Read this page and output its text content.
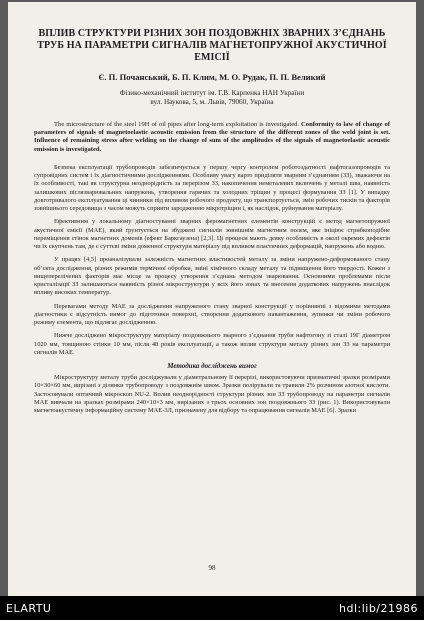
ВПЛИВ СТРУКТУРИ РІЗНИХ ЗОН ПОЗДОВЖНІХ ЗВАРНИХ З’ЄДНАНЬ ТРУБ НА ПАРАМЕТРИ СИГНАЛІВ МАГНЕТОПРУЖНОЇ АКУСТИЧНОЇ ЕМІСІЇ
Є. П. Почанський, Б. П. Клим, М. О. Рудак, П. П. Великий
Фізико-механічний інститут ім. Г.В. Карпенка НАН України
вул. Наукова, 5, м. Львів, 79060, Україна
The microstructure of the steel 19H of oil pipes after long-term exploitation is investigated. Conformity to law of change of parameters of signals of magnetoelastic acoustic emission from the structure of the different zones of the weld joint is set. Influence of remaining stress after welding on the change of sum of the amplitudes of the signals of magnetoelastic acoustic emission is investigated.

Безпека експлуатації трубопроводів забезпечується у першу чергу контролем роботоздатності нафтогазопроводів та супровідних систем і їх діагностичними дослідженнями. Особливу увагу варто приділяти зварним з’єднанням (ЗЗ), зважаючи на їх особливості, такі як структурна неоднорідність за перерізом ЗЗ, накопичення неметалевих включень у металі шва, наявність залишкових післязварювальних напружень, утворення гарячих та холодних тріщин у процесі формування ЗЗ [1]. У випадку довготривалого експлуатування ці чинники під впливом робочого продукту, що транспортується, змін робочих тисків та факторів зовнішнього середовища з часом можуть сприяти зародженню мікротріщин і, як наслідок, руйнування матеріалу.

Ефективним у локальному діагностуванні зварних феромагнетних елементів конструкцій є метод магнетопружної акустичної емісії (МАЕ), який ґрунтується на збуджені сигналів зовнішнім магнетним полем, яке ініціює стрибкоподібне переміщення стінок магнетних доменів (ефект Баркгаузена) [2,3]. Ці процеси мають деяку особливість в околі окремих дефектів чи їх скупчень там, де є суттєві зміни доменної структури матеріалу під впливом пластичних деформацій, напружень або водню.

У працях [4,5] проаналізували залежність магнетних властивостей металу за зміни напружено-деформованого стану об’єкта дослідження, різних режимів термічної обробки, зміні хімічного складу металу та підвищення його твердості. Кожен з вищеперелічених факторів має місце за процесу утворення з’єднань методом зварювання. Основними проблемами після кристалізації ЗЗ залишаються наявність різної мікроструктури у всіх його зонах та внесення додаткових напружень внаслідок впливу високих температур.

Перевагами методу МАЕ за дослідження напруженого стану зварної конструкції у порівнянні з відомими методами діагностики є відсутність вимог до підготовки поверхні, створення додаткового навантаження, зупинки чи зміни робочого режиму елемента, що підлягає дослідженню.

Нижче досліджено мікроструктуру матеріалу поздовжнього зварного з’єднання труби нафтогону зі сталі 19Г діаметром 1020 мм, товщиною стінки 10 мм, після 48 років експлуатації, а також вплив структури металу різних зон ЗЗ на параметри сигналів МАЕ.

Методика досліджень вимог

Мікроструктуру металу труби досліджували у діаметральному її перерізі, використовуючи призматичні зразки розмірами 10×30×60 мм, вирізані з ділянки трубопроводу з поздовжнім швом. Зразки полірували та травили 2% розчином азотної кислоти. Застосовували оптичний мікроскоп NU-2. Вплив неоднорідності структури різних зон ЗЗ трубопроводу на параметри сигналів МАЕ вивчали на зразках розмірами 240×10×3 мм, вирізаних з трьох основних зон поздовжнього ЗЗ (рис. 1). Використовували магнетоакустичну інформаційну систему МАЕ-3Л, призначену для відбору та опрацювання сигналів МАЕ [6]. Зразки

98
ELARTU	hdl:lib/21986
